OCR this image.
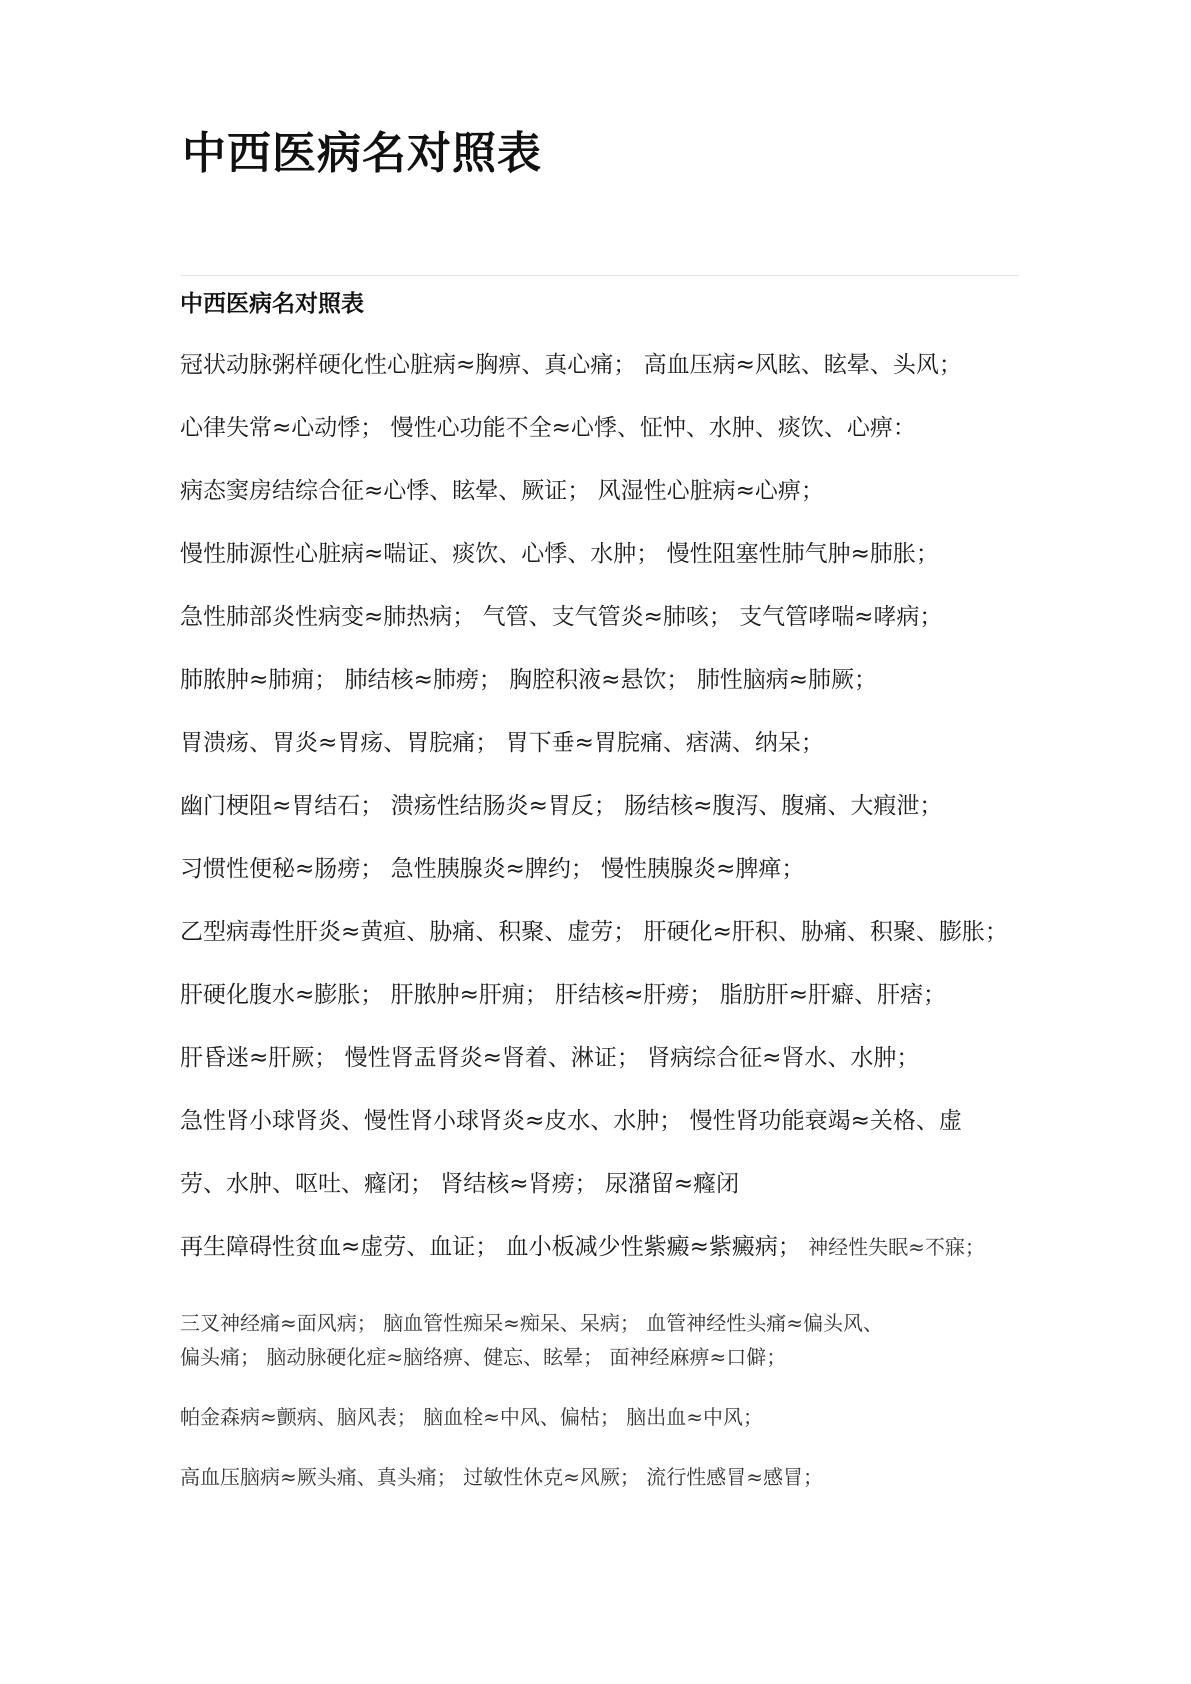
中西医病名对照表
中西医病名对照表
冠状动脉粥样硬化性心脏病≈胸痹、真心痛； 高血压病≈风眩、眩晕、头风；
心律失常≈心动悸； 慢性心功能不全≈心悸、怔忡、水肿、痰饮、心痹：
病态窦房结综合征≈心悸、眩晕、厥证； 风湿性心脏病≈心痹；
慢性肺源性心脏病≈喘证、痰饮、心悸、水肿； 慢性阻塞性肺气肿≈肺胀；
急性肺部炎性病变≈肺热病； 气管、支气管炎≈肺咳； 支气管哮喘≈哮病；
肺脓肿≈肺痈； 肺结核≈肺痨； 胸腔积液≈悬饮； 肺性脑病≈肺厥；
胃溃疡、胃炎≈胃疡、胃脘痛； 胃下垂≈胃脘痛、痞满、纳呆；
幽门梗阻≈胃结石； 溃疡性结肠炎≈胃反； 肠结核≈腹泻、腹痛、大瘕泄；
习惯性便秘≈肠痨； 急性胰腺炎≈脾约； 慢性胰腺炎≈脾瘅；
乙型病毒性肝炎≈黄疸、胁痛、积聚、虚劳； 肝硬化≈肝积、胁痛、积聚、膨胀；
肝硬化腹水≈膨胀； 肝脓肿≈肝痈； 肝结核≈肝痨； 脂肪肝≈肝癖、肝痞；
肝昏迷≈肝厥； 慢性肾盂肾炎≈肾着、淋证； 肾病综合征≈肾水、水肿；
急性肾小球肾炎、慢性肾小球肾炎≈皮水、水肿； 慢性肾功能衰竭≈关格、虚
劳、水肿、呕吐、癃闭； 肾结核≈肾痨； 尿潴留≈癃闭
再生障碍性贫血≈虚劳、血证； 血小板减少性紫癜≈紫癜病； 神经性失眠≈不寐；
三叉神经痛≈面风病； 脑血管性痴呆≈痴呆、呆病； 血管神经性头痛≈偏头风、
偏头痛； 脑动脉硬化症≈脑络痹、健忘、眩晕； 面神经麻痹≈口僻；
帕金森病≈颤病、脑风表； 脑血栓≈中风、偏枯； 脑出血≈中风；
高血压脑病≈厥头痛、真头痛； 过敏性休克≈风厥； 流行性感冒≈感冒；
